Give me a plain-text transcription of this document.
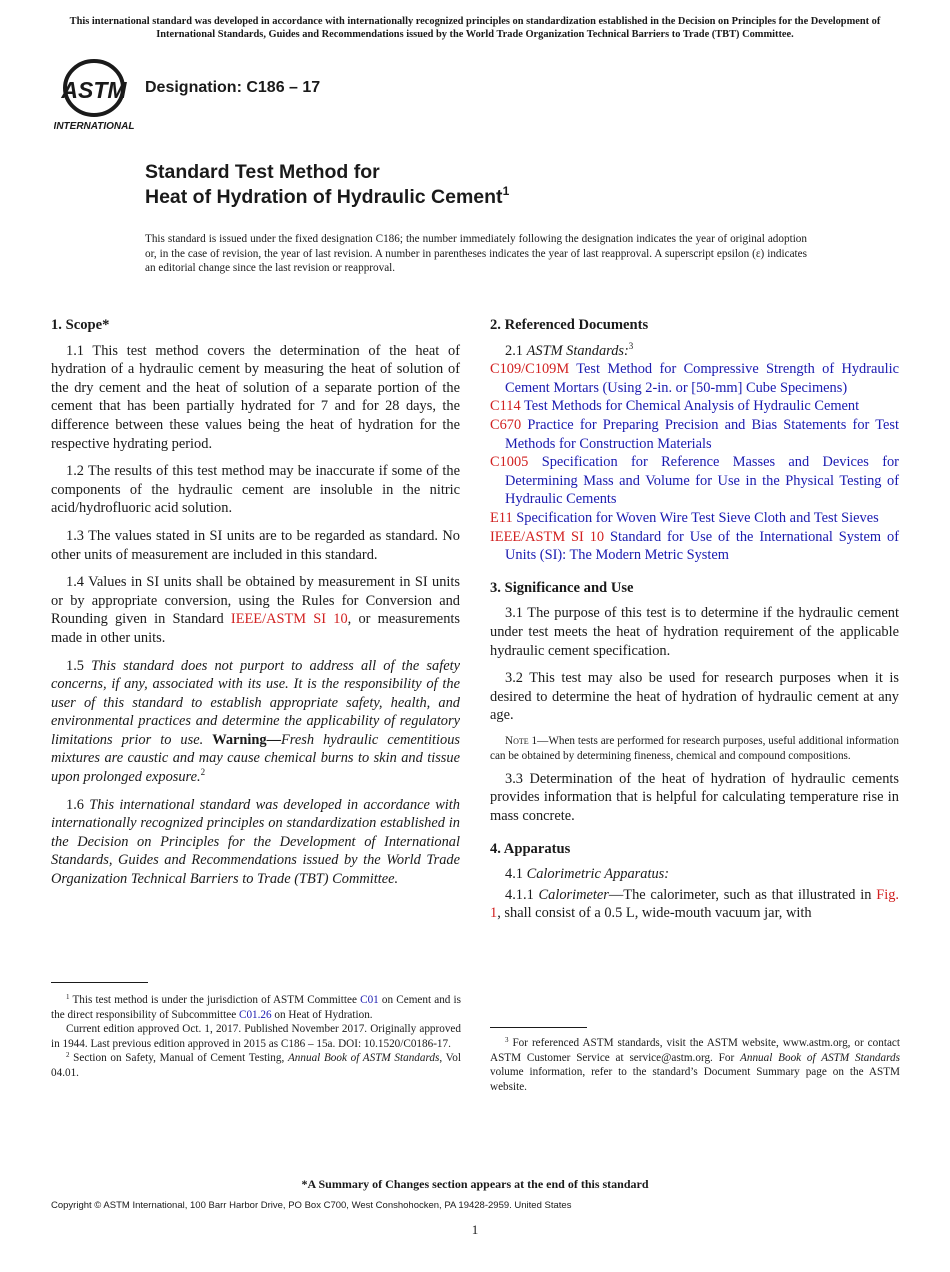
This international standard was developed in accordance with internationally recognized principles on standardization established in the Decision on Principles for the Development of International Standards, Guides and Recommendations issued by the World Trade Organization Technical Barriers to Trade (TBT) Committee.
ASTM
INTERNATIONAL
Designation: C186 – 17
Standard Test Method for
Heat of Hydration of Hydraulic Cement$^1$
This standard is issued under the fixed designation C186; the number immediately following the designation indicates the year of original adoption or, in the case of revision, the year of last revision. A number in parentheses indicates the year of last reapproval. A superscript epsilon (ε) indicates an editorial change since the last revision or reapproval.
1. Scope*

1.1 This test method covers the determination of the heat of hydration of a hydraulic cement by measuring the heat of solution of the dry cement and the heat of solution of a separate portion of the cement that has been partially hydrated for 7 and for 28 days, the difference between these values being the heat of hydration for the respective hydrating period.

1.2 The results of this test method may be inaccurate if some of the components of the hydraulic cement are insoluble in the nitric acid/hydrofluoric acid solution.

1.3 The values stated in SI units are to be regarded as standard. No other units of measurement are included in this standard.

1.4 Values in SI units shall be obtained by measurement in SI units or by appropriate conversion, using the Rules for Conversion and Rounding given in Standard IEEE/ASTM SI 10, or measurements made in other units.

1.5 This standard does not purport to address all of the safety concerns, if any, associated with its use. It is the responsibility of the user of this standard to establish appropriate safety, health, and environmental practices and determine the applicability of regulatory limitations prior to use. Warning—Fresh hydraulic cementitious mixtures are caustic and may cause chemical burns to skin and tissue upon prolonged exposure.$^2$

1.6 This international standard was developed in accordance with internationally recognized principles on standardization established in the Decision on Principles for the Development of International Standards, Guides and Recommendations issued by the World Trade Organization Technical Barriers to Trade (TBT) Committee.

$^1$ This test method is under the jurisdiction of ASTM Committee C01 on Cement and is the direct responsibility of Subcommittee C01.26 on Heat of Hydration.

Current edition approved Oct. 1, 2017. Published November 2017. Originally approved in 1944. Last previous edition approved in 2015 as C186 – 15a. DOI: 10.1520/C0186-17.

$^2$ Section on Safety, Manual of Cement Testing, Annual Book of ASTM Standards, Vol 04.01.

2. Referenced Documents
2.1 ASTM Standards:$^3$
C109/C109M Test Method for Compressive Strength of Hydraulic Cement Mortars (Using 2-in. or [50-mm] Cube Specimens)
C114 Test Methods for Chemical Analysis of Hydraulic Cement
C670 Practice for Preparing Precision and Bias Statements for Test Methods for Construction Materials
C1005 Specification for Reference Masses and Devices for Determining Mass and Volume for Use in the Physical Testing of Hydraulic Cements
E11 Specification for Woven Wire Test Sieve Cloth and Test Sieves
IEEE/ASTM SI 10 Standard for Use of the International System of Units (SI): The Modern Metric System
3. Significance and Use

3.1 The purpose of this test is to determine if the hydraulic cement under test meets the heat of hydration requirement of the applicable hydraulic cement specification.

3.2 This test may also be used for research purposes when it is desired to determine the heat of hydration of hydraulic cement at any age.

Note 1—When tests are performed for research purposes, useful additional information can be obtained by determining fineness, chemical and compound compositions.

3.3 Determination of the heat of hydration of hydraulic cements provides information that is helpful for calculating temperature rise in mass concrete.

4. Apparatus

4.1 Calorimetric Apparatus:

4.1.1 Calorimeter—The calorimeter, such as that illustrated in Fig. 1, shall consist of a 0.5 L, wide-mouth vacuum jar, with

$^3$ For referenced ASTM standards, visit the ASTM website, www.astm.org, or contact ASTM Customer Service at service@astm.org. For Annual Book of ASTM Standards volume information, refer to the standard’s Document Summary page on the ASTM website.

*A Summary of Changes section appears at the end of this standard
Copyright © ASTM International, 100 Barr Harbor Drive, PO Box C700, West Conshohocken, PA 19428-2959. United States
1
